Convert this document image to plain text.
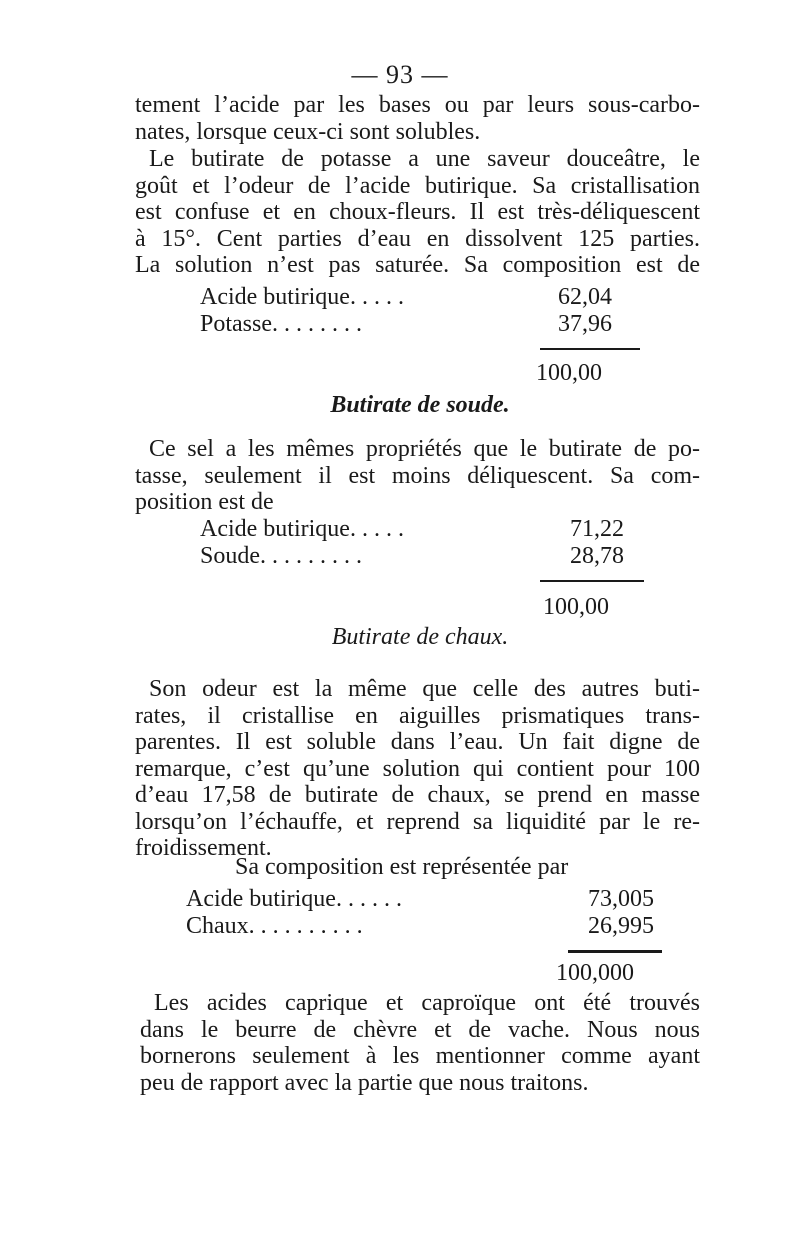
— 93 —
tement l’acide par les bases ou par leurs sous-carbo-
nates, lorsque ceux-ci sont solubles.
Le butirate de potasse a une saveur douceâtre, le
goût et l’odeur de l’acide butirique. Sa cristallisation
est confuse et en choux-fleurs. Il est très-déliquescent
à 15°. Cent parties d’eau en dissolvent 125 parties.
La solution n’est pas saturée. Sa composition est de
Acide butirique. . . . .	62,04
Potasse. . . . . . . .	37,96
100,00
Butirate de soude.
Ce sel a les mêmes propriétés que le butirate de po-
tasse, seulement il est moins déliquescent. Sa com-
position est de
Acide butirique. . . . .	71,22
Soude. . . . . . . . .	28,78
100,00
Butirate de chaux.
Son odeur est la même que celle des autres buti-
rates, il cristallise en aiguilles prismatiques trans-
parentes. Il est soluble dans l’eau. Un fait digne de
remarque, c’est qu’une solution qui contient pour 100
d’eau 17,58 de butirate de chaux, se prend en masse
lorsqu’on l’échauffe, et reprend sa liquidité par le re-
froidissement.
Sa composition est représentée par
Acide butirique. . . . . .	73,005
Chaux. . . . . . . . . .	26,995
100,000
Les acides caprique et caproïque ont été trouvés
dans le beurre de chèvre et de vache. Nous nous
bornerons seulement à les mentionner comme ayant
peu de rapport avec la partie que nous traitons.
